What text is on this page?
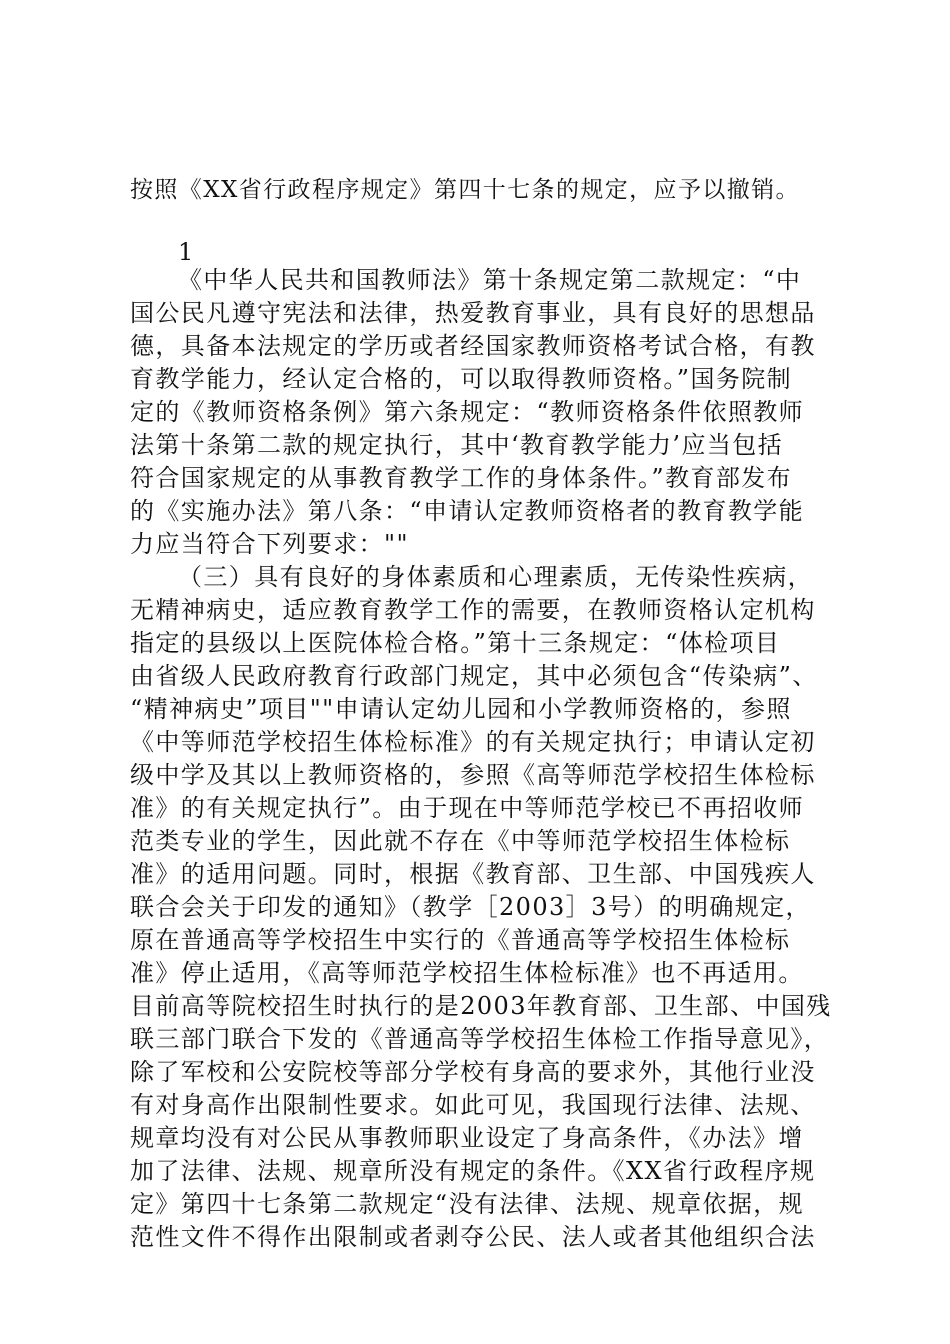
按照《XX省行政程序规定》第四十七条的规定，应予以撤销。
1
《中华人民共和国教师法》第十条规定第二款规定：“中
国公民凡遵守宪法和法律，热爱教育事业，具有良好的思想品
德，具备本法规定的学历或者经国家教师资格考试合格，有教
育教学能力，经认定合格的，可以取得教师资格。”国务院制
定的《教师资格条例》第六条规定：“教师资格条件依照教师
法第十条第二款的规定执行，其中‘教育教学能力’应当包括
符合国家规定的从事教育教学工作的身体条件。”教育部发布
的《实施办法》第八条：“申请认定教师资格者的教育教学能
力应当符合下列要求：""
（三）具有良好的身体素质和心理素质，无传染性疾病，
无精神病史，适应教育教学工作的需要，在教师资格认定机构
指定的县级以上医院体检合格。”第十三条规定：“体检项目
由省级人民政府教育行政部门规定，其中必须包含“传染病”、
“精神病史”项目""申请认定幼儿园和小学教师资格的，参照
《中等师范学校招生体检标准》的有关规定执行；申请认定初
级中学及其以上教师资格的，参照《高等师范学校招生体检标
准》的有关规定执行”。由于现在中等师范学校已不再招收师
范类专业的学生，因此就不存在《中等师范学校招生体检标
准》的适用问题。同时，根据《教育部、卫生部、中国残疾人
联合会关于印发的通知》（教学［2003］3号）的明确规定，
原在普通高等学校招生中实行的《普通高等学校招生体检标
准》停止适用，《高等师范学校招生体检标准》也不再适用。
目前高等院校招生时执行的是2003年教育部、卫生部、中国残
联三部门联合下发的《普通高等学校招生体检工作指导意见》，
除了军校和公安院校等部分学校有身高的要求外，其他行业没
有对身高作出限制性要求。如此可见，我国现行法律、法规、
规章均没有对公民从事教师职业设定了身高条件，《办法》增
加了法律、法规、规章所没有规定的条件。《XX省行政程序规
定》第四十七条第二款规定“没有法律、法规、规章依据，规
范性文件不得作出限制或者剥夺公民、法人或者其他组织合法
